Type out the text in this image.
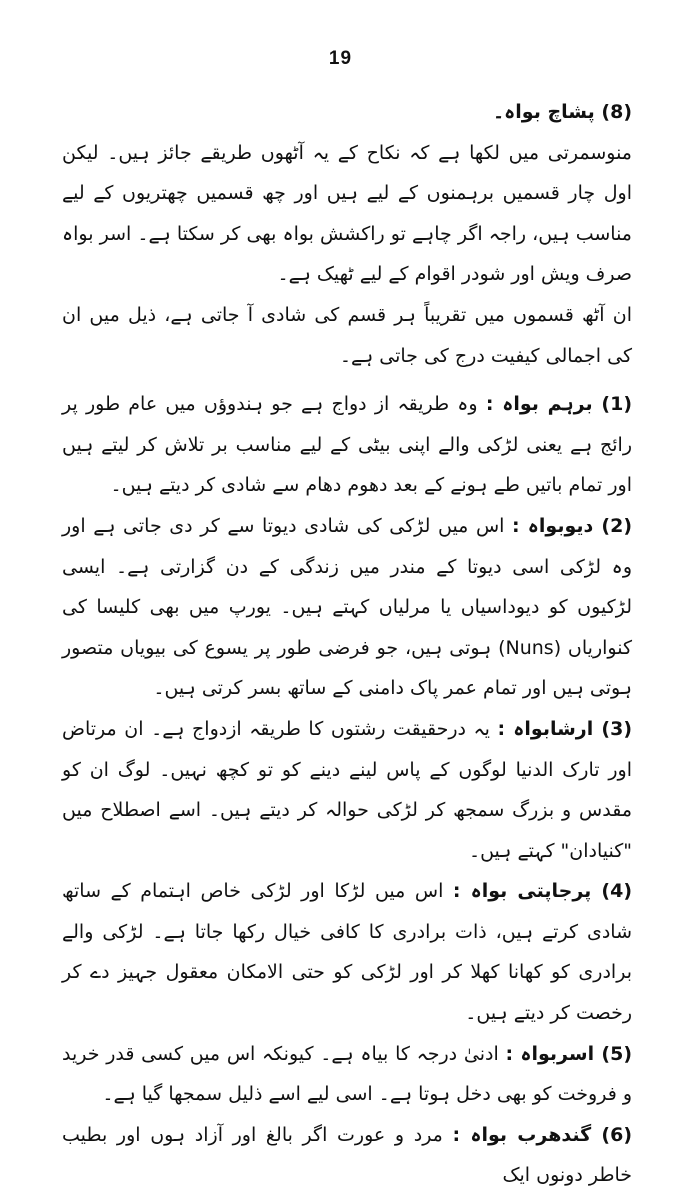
19

(8) پشاچ بواہ۔

منوسمرتی میں لکھا ہے کہ نکاح کے یہ آٹھوں طریقے جائز ہیں۔ لیکن اول چار قسمیں برہمنوں کے لیے ہیں اور چھ قسمیں چھتریوں کے لیے مناسب ہیں، راجہ اگر چاہے تو راکشش بواہ بھی کر سکتا ہے۔ اسر بواہ صرف ویش اور شودر اقوام کے لیے ٹھیک ہے۔

ان آٹھ قسموں میں تقریباً ہر قسم کی شادی آ جاتی ہے، ذیل میں ان کی اجمالی کیفیت درج کی جاتی ہے۔

(1) برہم بواہ : وہ طریقہ از دواج ہے جو ہندوؤں میں عام طور پر رائج ہے یعنی لڑکی والے اپنی بیٹی کے لیے مناسب بر تلاش کر لیتے ہیں اور تمام باتیں طے ہونے کے بعد دھوم دھام سے شادی کر دیتے ہیں۔

(2) دیوبواہ : اس میں لڑکی کی شادی دیوتا سے کر دی جاتی ہے اور وہ لڑکی اسی دیوتا کے مندر میں زندگی کے دن گزارتی ہے۔ ایسی لڑکیوں کو دیوداسیاں یا مرلیاں کہتے ہیں۔ یورپ میں بھی کلیسا کی کنواریاں (Nuns) ہوتی ہیں، جو فرضی طور پر یسوع کی بیویاں متصور ہوتی ہیں اور تمام عمر پاک دامنی کے ساتھ بسر کرتی ہیں۔

(3) ارشابواہ : یہ درحقیقت رشتوں کا طریقہ ازدواج ہے۔ ان مرتاض اور تارک الدنیا لوگوں کے پاس لینے دینے کو تو کچھ نہیں۔ لوگ ان کو مقدس و بزرگ سمجھ کر لڑکی حوالہ کر دیتے ہیں۔ اسے اصطلاح میں "کنیادان" کہتے ہیں۔

(4) پرجاپتی بواہ : اس میں لڑکا اور لڑکی خاص اہتمام کے ساتھ شادی کرتے ہیں، ذات برادری کا کافی خیال رکھا جاتا ہے۔ لڑکی والے برادری کو کھانا کھلا کر اور لڑکی کو حتی الامکان معقول جہیز دے کر رخصت کر دیتے ہیں۔

(5) اسربواہ : ادنیٰ درجہ کا بیاہ ہے۔ کیونکہ اس میں کسی قدر خرید و فروخت کو بھی دخل ہوتا ہے۔ اسی لیے اسے ذلیل سمجھا گیا ہے۔

(6) گندھرب بواہ : مرد و عورت اگر بالغ اور آزاد ہوں اور بطیب خاطر دونوں ایک
